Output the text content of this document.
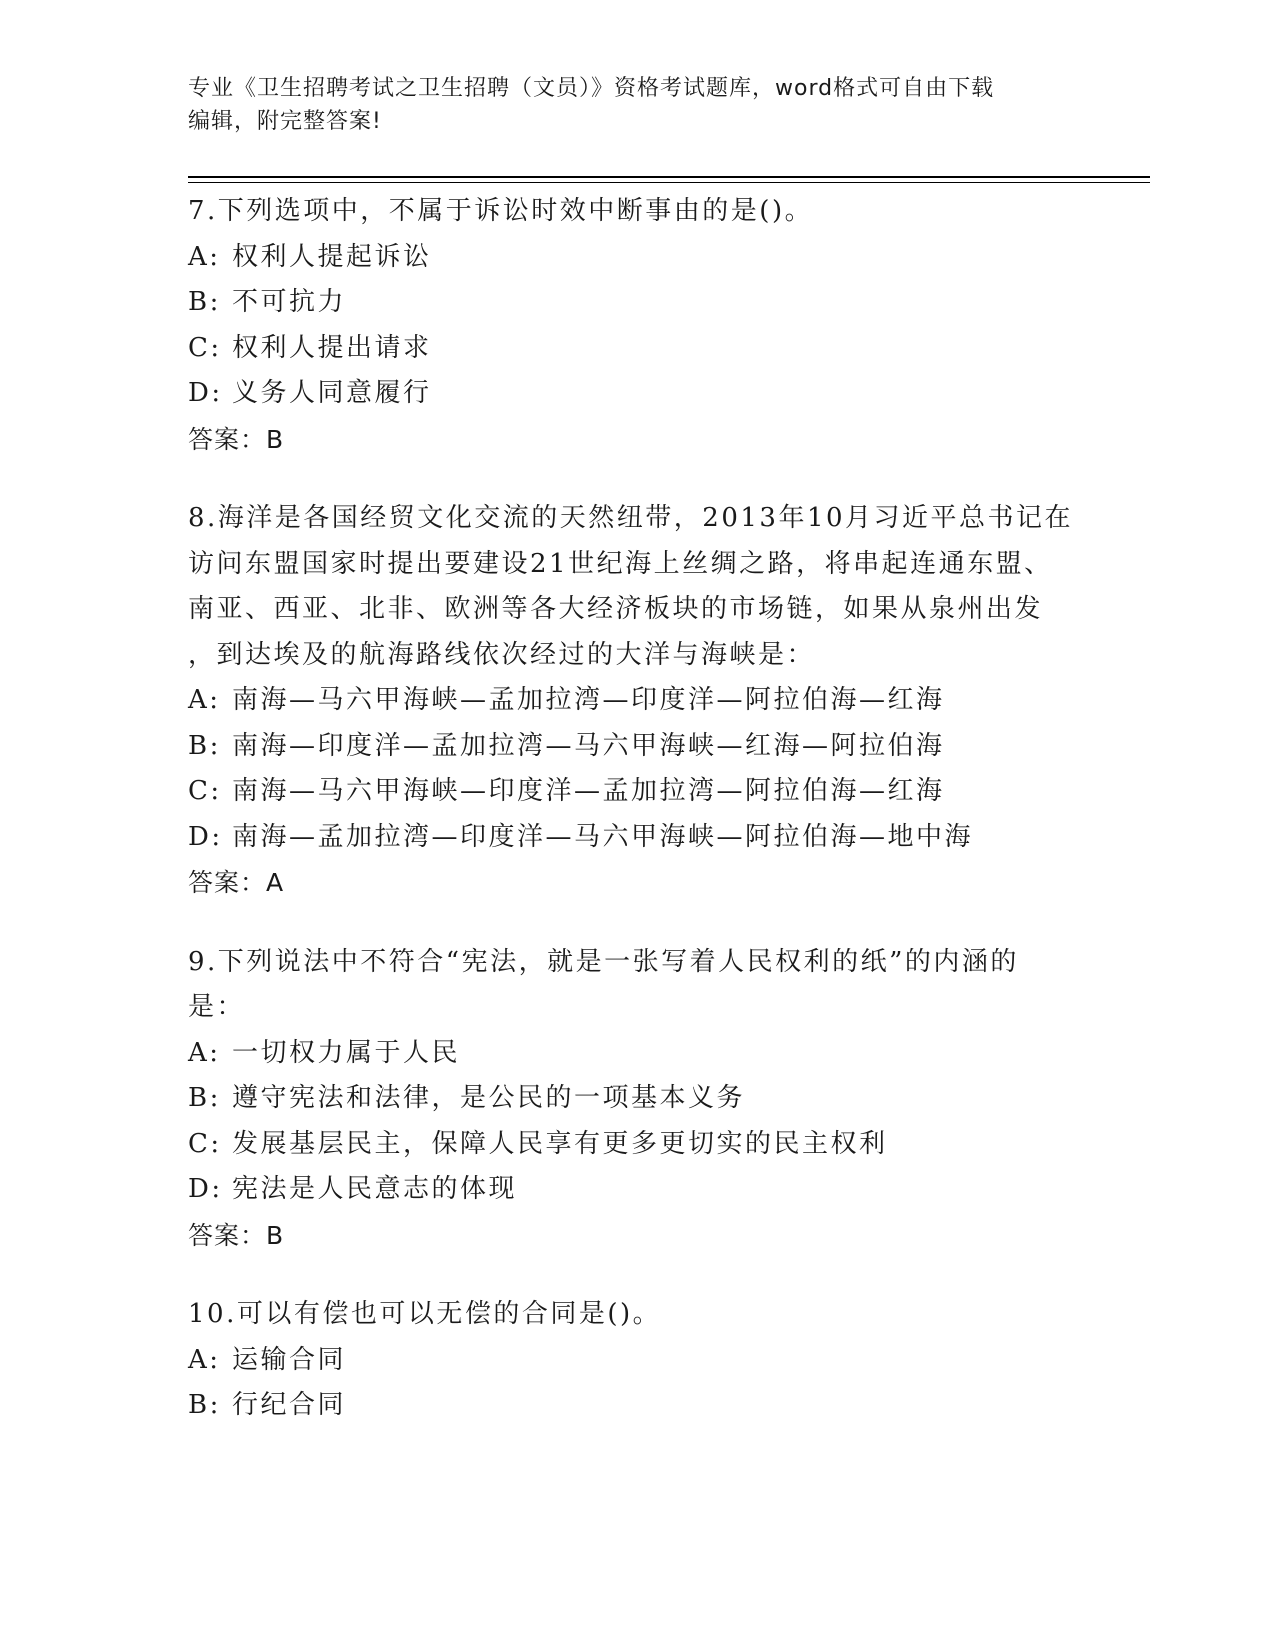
专业《卫生招聘考试之卫生招聘（文员）》资格考试题库，word格式可自由下载
编辑，附完整答案!
7.下列选项中，不属于诉讼时效中断事由的是()。
A: 权利人提起诉讼
B: 不可抗力
C: 权利人提出请求
D: 义务人同意履行
答案：B
8.海洋是各国经贸文化交流的天然纽带，2013年10月习近平总书记在
访问东盟国家时提出要建设21世纪海上丝绸之路，将串起连通东盟、
南亚、西亚、北非、欧洲等各大经济板块的市场链，如果从泉州出发
，到达埃及的航海路线依次经过的大洋与海峡是：
A: 南海—马六甲海峡—孟加拉湾—印度洋—阿拉伯海—红海
B: 南海—印度洋—孟加拉湾—马六甲海峡—红海—阿拉伯海
C: 南海—马六甲海峡—印度洋—孟加拉湾—阿拉伯海—红海
D: 南海—孟加拉湾—印度洋—马六甲海峡—阿拉伯海—地中海
答案：A
9.下列说法中不符合“宪法，就是一张写着人民权利的纸”的内涵的
是：
A: 一切权力属于人民
B: 遵守宪法和法律，是公民的一项基本义务
C: 发展基层民主，保障人民享有更多更切实的民主权利
D: 宪法是人民意志的体现
答案：B
10.可以有偿也可以无偿的合同是()。
A: 运输合同
B: 行纪合同
